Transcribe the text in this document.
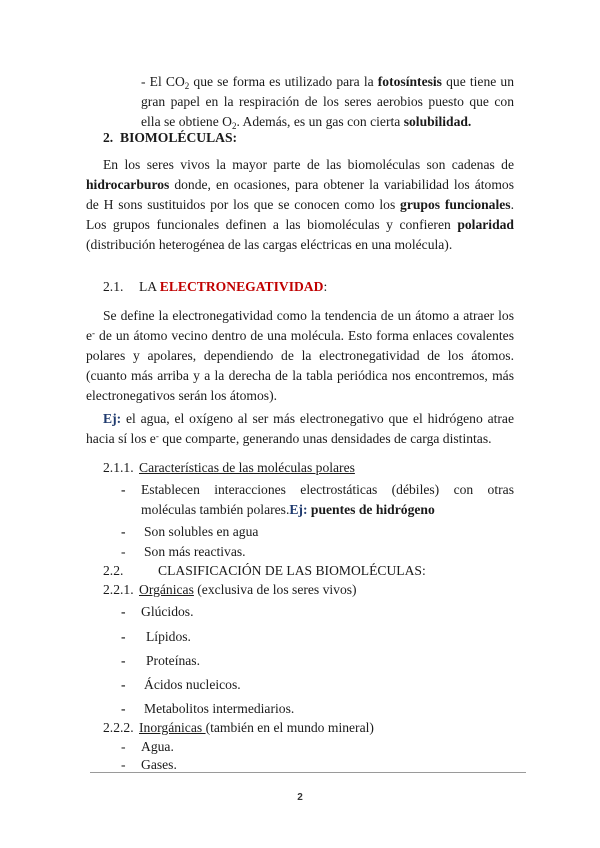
- El $CO_2$ que se forma es utilizado para la fotosíntesis que tiene un gran papel en la respiración de los seres aerobios puesto que con ella se obtiene $O_2$. Además, es un gas con cierta solubilidad.
2. BIOMOLÉCULAS:
En los seres vivos la mayor parte de las biomoléculas son cadenas de hidrocarburos donde, en ocasiones, para obtener la variabilidad los átomos de H sons sustituidos por los que se conocen como los grupos funcionales. Los grupos funcionales definen a las biomoléculas y confieren polaridad (distribución heterogénea de las cargas eléctricas en una molécula).
2.1. LA ELECTRONEGATIVIDAD:
Se define la electronegatividad como la tendencia de un átomo a atraer los e- de un átomo vecino dentro de una molécula. Esto forma enlaces covalentes polares y apolares, dependiendo de la electronegatividad de los átomos. (cuanto más arriba y a la derecha de la tabla periódica nos encontremos, más electronegativos serán los átomos).
Ej: el agua, el oxígeno al ser más electronegativo que el hidrógeno atrae hacia sí los e- que comparte, generando unas densidades de carga distintas.
2.1.1. Características de las moléculas polares
- Establecen interacciones electrostáticas (débiles) con otras moléculas también polares.Ej: puentes de hidrógeno
- Son solubles en agua
- Son más reactivas.
2.2.	CLASIFICACIÓN DE LAS BIOMOLÉCULAS:
2.2.1. Orgánicas (exclusiva de los seres vivos)
- Glúcidos.
- Lípidos.
- Proteínas.
- Ácidos nucleicos.
- Metabolitos intermediarios.
2.2.2. Inorgánicas (también en el mundo mineral)
- Agua.
- Gases.
2
